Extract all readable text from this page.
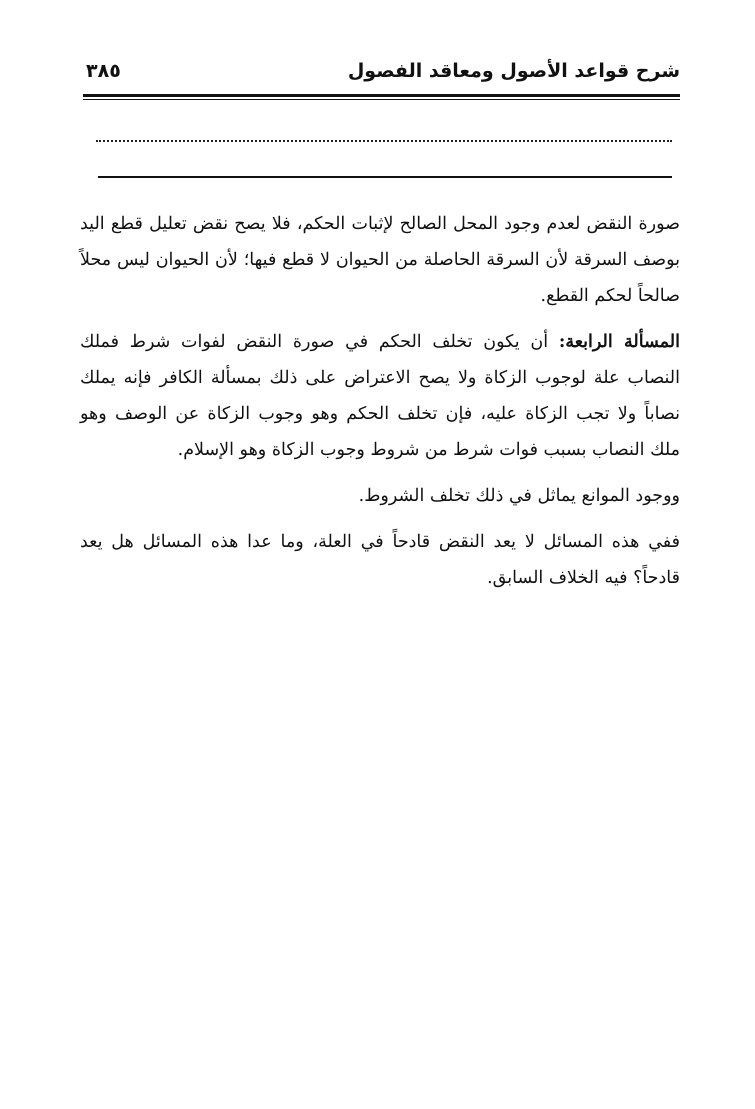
شرح قواعد الأصول ومعاقد الفصول
٣٨٥

صورة النقض لعدم وجود المحل الصالح لإثبات الحكم، فلا يصح نقض تعليل قطع اليد بوصف السرقة لأن السرقة الحاصلة من الحيوان لا قطع فيها؛ لأن الحيوان ليس محلاً صالحاً لحكم القطع.

المسألة الرابعة: أن يكون تخلف الحكم في صورة النقض لفوات شرط فملك النصاب علة لوجوب الزكاة ولا يصح الاعتراض على ذلك بمسألة الكافر فإنه يملك نصاباً ولا تجب الزكاة عليه، فإن تخلف الحكم وهو وجوب الزكاة عن الوصف وهو ملك النصاب بسبب فوات شرط من شروط وجوب الزكاة وهو الإسلام.

ووجود الموانع يماثل في ذلك تخلف الشروط.

ففي هذه المسائل لا يعد النقض قادحاً في العلة، وما عدا هذه المسائل هل يعد قادحاً؟ فيه الخلاف السابق.
